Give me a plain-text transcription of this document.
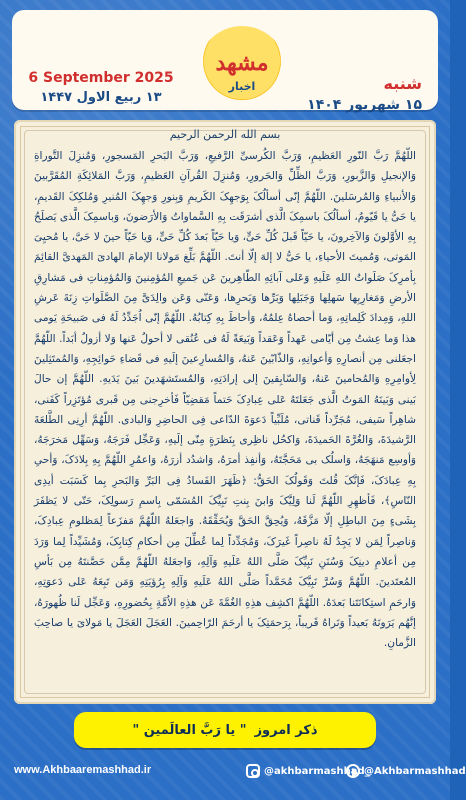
6 September 2025
۱۳ ربیع الاول ۱۴۴۷
مشهد
اخبار	شنبه
۱۵ شهریور ۱۴۰۴
بسم الله الرحمن الرحیم
اللّهُمَّ رَبَّ النّورِ العَظیمِ، وَرَبَّ الکُرسیِّ الرَّفیعِ، وَرَبَّ البَحرِ المَسجورِ، وَمُنزِلَ التَّوراةِ وَالإنجیلِ وَالزَّبورِ، وَرَبَّ الظِّلِّ وَالحَرورِ، وَمُنزِلَ القُرآنِ العَظیمِ، وَرَبَّ المَلائِکَةِ المُقَرَّبینَ وَالأنبیاءِ وَالمُرسَلینَ. اللّهُمَّ إنّی أسألُکَ بِوَجهِکَ الکَریمِ وَبِنورِ وَجهِکَ المُنیرِ وَمُلکِکَ القَدیمِ، یا حَیُّ یا قَیّومُ، أسألُکَ باسمِکَ الَّذی أشرَقَت بِهِ السَّماواتُ وَالأرَضونَ، وَباسمِکَ الَّذی یَصلَحُ بِهِ الأوَّلونَ وَالآخِرونَ، یا حَیّاً قَبلَ کُلِّ حَیٍّ، وَیا حَیّاً بَعدَ کُلِّ حَیٍّ، وَیا حَیّاً حینَ لا حَیَّ، یا مُحیِیَ المَوتی، وَمُمیتَ الأحیاءِ، یا حَیُّ لا إلهَ إلّا أنتَ. اللّهُمَّ بَلِّغ مَولانا الإمامَ الهادیَ المَهدیَّ القائِمَ بِأمرِکَ صَلَواتُ اللهِ عَلَیهِ وَعَلی آبائِهِ الطّاهِرینَ عَن جَمیعِ المُؤمِنینَ وَالمُؤمِناتِ فی مَشارِقِ الأرضِ وَمَغارِبِها سَهلِها وَجَبَلِها وَبَرِّها وَبَحرِها، وَعَنّی وَعَن والِدَیَّ مِنَ الصَّلَواتِ زِنَةَ عَرشِ اللهِ، وَمِدادَ کَلِماتِهِ، وَما أحصاهُ عِلمُهُ، وَأحاطَ بِهِ کِتابُهُ. اللّهُمَّ إنّی اُجَدِّدُ لَهُ فی صَبیحَةِ یَومی هذا وَما عِشتُ مِن أیّامی عَهداً وَعَقداً وَبَیعَةً لَهُ فی عُنُقی لا أحولُ عَنها وَلا أزولُ أبَداً. اللّهُمَّ اجعَلنی مِن أنصارِهِ وَأعوانِهِ، وَالذّابّینَ عَنهُ، وَالمُسارِعینَ إلَیهِ فی قَضاءِ حَوائِجِهِ، وَالمُمتَثِلینَ لِأوامِرِهِ وَالمُحامینَ عَنهُ، وَالسّابِقینَ إلی إرادَتِهِ، وَالمُستَشهَدینَ بَینَ یَدَیهِ. اللّهُمَّ إن حالَ بَینی وَبَینَهُ المَوتُ الَّذی جَعَلتَهُ عَلی عِبادِکَ حَتماً مَقضِیّاً فَأخرِجنی مِن قَبری مُؤتَزِراً کَفَنی، شاهِراً سَیفی، مُجَرِّداً قَناتی، مُلَبِّیاً دَعوَةَ الدّاعی فِی الحاضِرِ وَالبادی. اللّهُمَّ أرِنِی الطَّلعَةَ الرَّشیدَةَ، وَالغُرَّةَ الحَمیدَةَ، وَاکحُل ناظِری بِنَظرَةٍ مِنّی إلَیهِ، وَعَجِّل فَرَجَهُ، وَسَهِّل مَخرَجَهُ، وَأوسِع مَنهَجَهُ، وَاسلُک بی مَحَجَّتَهُ، وَأنفِذ أمرَهُ، وَاشدُد أزرَهُ، وَاعمُرِ اللّهُمَّ بِهِ بِلادَکَ، وَأحیِ بِهِ عِبادَکَ، فَإنَّکَ قُلتَ وَقَولُکَ الحَقُّ: ﴿ظَهَرَ الفَسادُ فِی البَرِّ وَالبَحرِ بِما کَسَبَت أیدِی النّاسِ﴾، فَأظهِرِ اللّهُمَّ لَنا وَلِیَّکَ وَابنَ بِنتِ نَبِیِّکَ المُسَمّی بِاسمِ رَسولِکَ، حَتّی لا یَظفَرَ بِشَیءٍ مِنَ الباطِلِ إلّا مَزَّقَهُ، وَیُحِقَّ الحَقَّ وَیُحَقِّقَهُ. وَاجعَلهُ اللّهُمَّ مَفزَعاً لِمَظلومِ عِبادِکَ، وَناصِراً لِمَن لا یَجِدُ لَهُ ناصِراً غَیرَکَ، وَمُجَدِّداً لِما عُطِّلَ مِن أحکامِ کِتابِکَ، وَمُشَیِّداً لِما وَرَدَ مِن أعلامِ دینِکَ وَسُنَنِ نَبِیِّکَ صَلَّی اللهُ عَلَیهِ وَآلِهِ، وَاجعَلهُ اللّهُمَّ مِمَّن حَصَّنتَهُ مِن بَأسِ المُعتَدینَ. اللّهُمَّ وَسُرَّ نَبِیَّکَ مُحَمَّداً صَلَّی اللهُ عَلَیهِ وَآلِهِ بِرُؤیَتِهِ وَمَن تَبِعَهُ عَلی دَعوَتِهِ، وَارحَمِ استِکانَتَنا بَعدَهُ. اللّهُمَّ اکشِف هذِهِ الغُمَّةَ عَن هذِهِ الاُمَّةِ بِحُضورِهِ، وَعَجِّل لَنا ظُهورَهُ، إنَّهُم یَرَونَهُ بَعیداً وَنَراهُ قَریباً، بِرَحمَتِکَ یا أرحَمَ الرّاحِمینَ. العَجَلَ العَجَلَ یا مَولایَ یا صاحِبَ الزَّمانِ.
ذکر امروز
" یا رَبَّ العالَمین "
www.Akhbaaremashhad.ir	@akhbarmashhad_
@Akhbarmashhad
